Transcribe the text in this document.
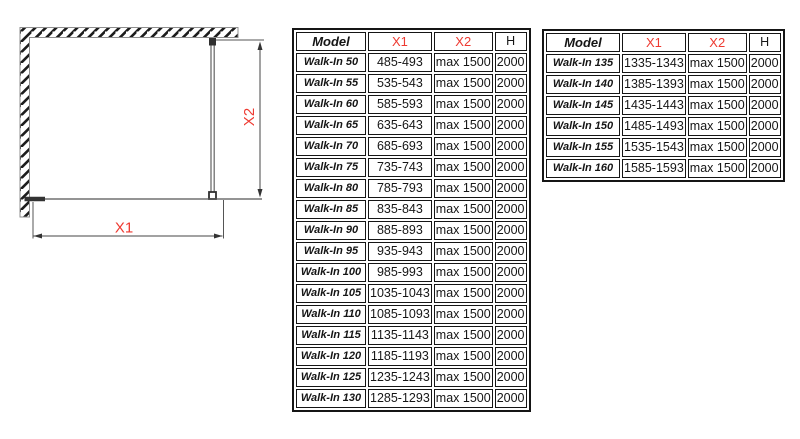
X2
X1
Model	X1	X2	H
Walk-In 50	485-493	max 1500	2000
Walk-In 55	535-543	max 1500	2000
Walk-In 60	585-593	max 1500	2000
Walk-In 65	635-643	max 1500	2000
Walk-In 70	685-693	max 1500	2000
Walk-In 75	735-743	max 1500	2000
Walk-In 80	785-793	max 1500	2000
Walk-In 85	835-843	max 1500	2000
Walk-In 90	885-893	max 1500	2000
Walk-In 95	935-943	max 1500	2000
Walk-In 100	985-993	max 1500	2000
Walk-In 105	1035-1043	max 1500	2000
Walk-In 110	1085-1093	max 1500	2000
Walk-In 115	1135-1143	max 1500	2000
Walk-In 120	1185-1193	max 1500	2000
Walk-In 125	1235-1243	max 1500	2000
Walk-In 130	1285-1293	max 1500	2000
Model	X1	X2	H
Walk-In 135	1335-1343	max 1500	2000
Walk-In 140	1385-1393	max 1500	2000
Walk-In 145	1435-1443	max 1500	2000
Walk-In 150	1485-1493	max 1500	2000
Walk-In 155	1535-1543	max 1500	2000
Walk-In 160	1585-1593	max 1500	2000
